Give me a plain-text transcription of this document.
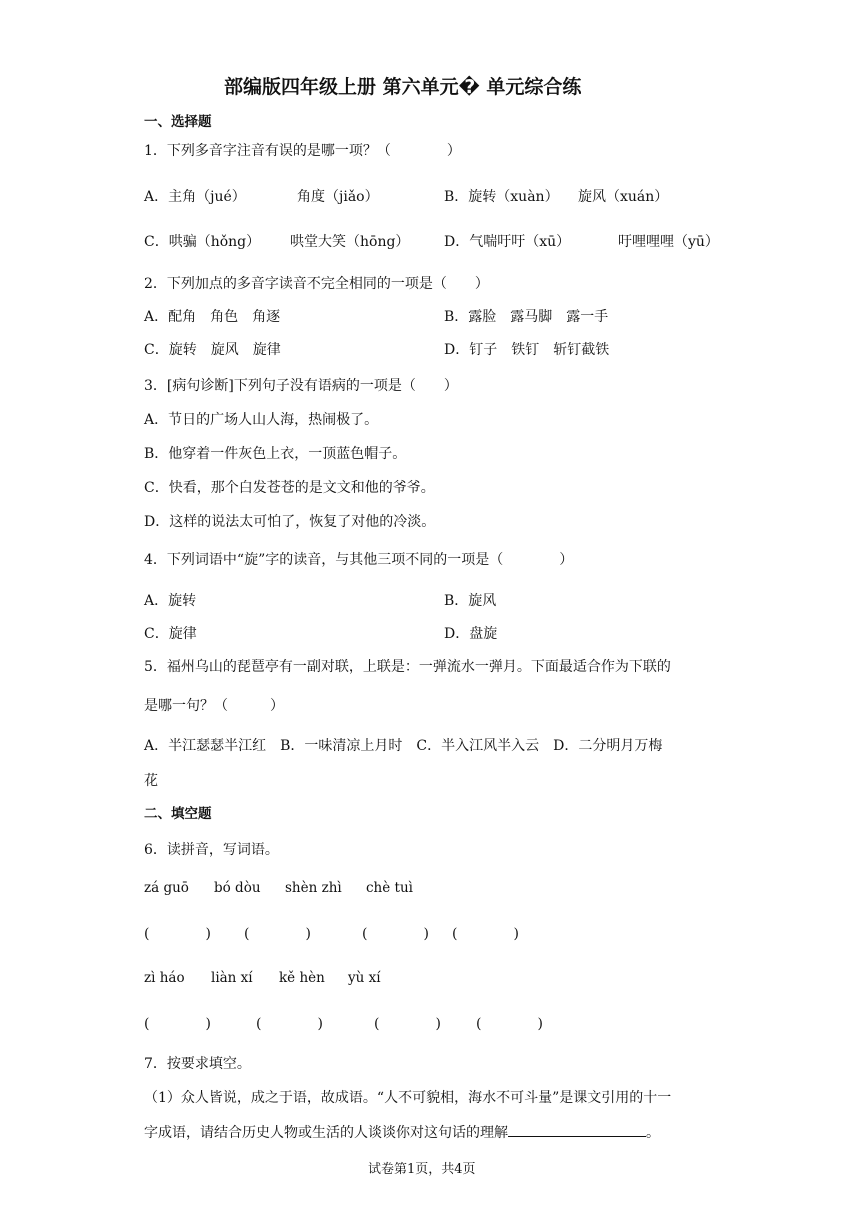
部编版四年级上册 第六单元� 单元综合练
一、选择题
1．下列多音字注音有误的是哪一项？（　　　　）
A．主角（jué）	角度（jiǎo）	B．旋转（xuàn） 旋风（xuán）
C．哄骗（hǒng） 哄堂大笑（hōng） D．气喘吁吁（xū）	吁哩哩哩（yū）
2．下列加点的多音字读音不完全相同的一项是（　　）
A．配角　角色　角逐	B．露脸　露马脚　露一手
C．旋转　旋风　旋律	D．钉子　铁钉　斩钉截铁
3．[病句诊断]下列句子没有语病的一项是（　　）
A．节日的广场人山人海，热闹极了。
B．他穿着一件灰色上衣，一顶蓝色帽子。
C．快看，那个白发苍苍的是文文和他的爷爷。
D．这样的说法太可怕了，恢复了对他的冷淡。
4．下列词语中“旋”字的读音，与其他三项不同的一项是（　　　　）
A．旋转	B．旋风
C．旋律	D．盘旋
5．福州乌山的琵琶亭有一副对联，上联是：一弹流水一弹月。下面最适合作为下联的
是哪一句？（　　　）
A．半江瑟瑟半江红　B．一味清凉上月时　C．半入江风半入云　D．二分明月万梅
花
二、填空题
6．读拼音，写词语。
zá guō bó dòu shèn zhì chè tuì
(　　　　) (　　　　)	(　　　　) (　　　　)
zì háo liàn xí kě hèn yù xí
(　　　　)	(　　　　)	(　　　　)	(　　　　)
7．按要求填空。
（1）众人皆说，成之于语，故成语。“人不可貌相，海水不可斗量”是课文引用的十一
字成语，请结合历史人物或生活的人谈谈你对这句话的理解	。
试卷第1页，共4页
